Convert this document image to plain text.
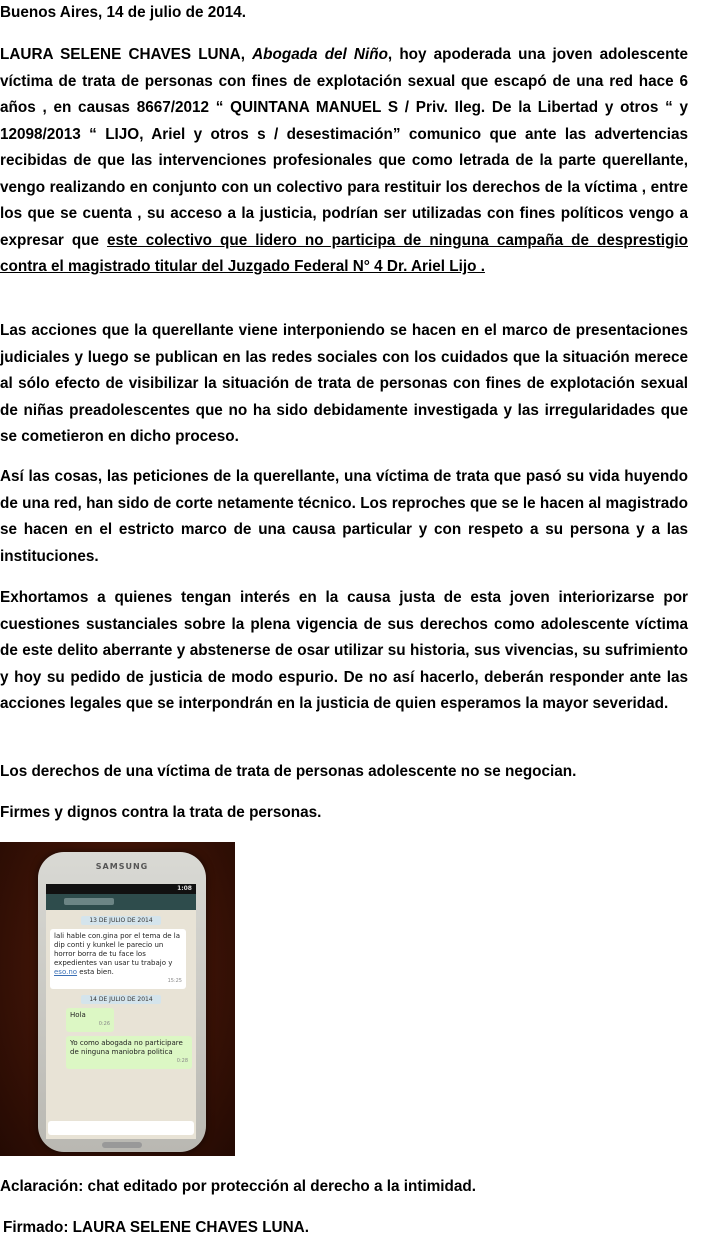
Buenos Aires, 14 de julio de 2014.

LAURA SELENE CHAVES LUNA, Abogada del Niño, hoy apoderada una joven adolescente víctima de trata de personas con fines de explotación sexual que escapó de una red hace 6 años , en causas 8667/2012 “ QUINTANA MANUEL S / Priv. Ileg. De la Libertad y otros “ y 12098/2013 “ LIJO, Ariel y otros s / desestimación” comunico que ante las advertencias recibidas de que las intervenciones profesionales que como letrada de la parte querellante, vengo realizando en conjunto con un colectivo para restituir los derechos de la víctima , entre los que se cuenta , su acceso a la justicia, podrían ser utilizadas con fines políticos vengo a expresar que este colectivo que lidero no participa de ninguna campaña de desprestigio contra el magistrado titular del Juzgado Federal N° 4 Dr. Ariel Lijo .

Las acciones que la querellante viene interponiendo se hacen en el marco de presentaciones judiciales y luego se publican en las redes sociales con los cuidados que la situación merece al sólo efecto de visibilizar la situación de trata de personas con fines de explotación sexual de niñas preadolescentes que no ha sido debidamente investigada y las irregularidades que se cometieron en dicho proceso.

Así las cosas, las peticiones de la querellante, una víctima de trata que pasó su vida huyendo de una red, han sido de corte netamente técnico. Los reproches que se le hacen al magistrado se hacen en el estricto marco de una causa particular y con respeto a su persona y a las instituciones.

Exhortamos a quienes tengan interés en la causa justa de esta joven interiorizarse por cuestiones sustanciales sobre la plena vigencia de sus derechos como adolescente víctima de este delito aberrante y abstenerse de osar utilizar su historia, sus vivencias, su sufrimiento y hoy su pedido de justicia de modo espurio. De no así hacerlo, deberán responder ante las acciones legales que se interpondrán en la justicia de quien esperamos la mayor severidad.

Los derechos de una víctima de trata de personas adolescente no se negocian.

Firmes y dignos contra la trata de personas.

SAMSUNG
1:08
13 DE JULIO DE 2014
lali hable con.gina por el tema de la dip conti y kunkel le parecio un horror borra de tu face los expedientes van usar tu trabajo y eso.no esta bien.
15:25
14 DE JULIO DE 2014
Hola
0:26
Yo como abogada no participare de ninguna maniobra politica
0:28
Aclaración: chat editado por protección al derecho a la intimidad.
Firmado: LAURA SELENE CHAVES LUNA.
